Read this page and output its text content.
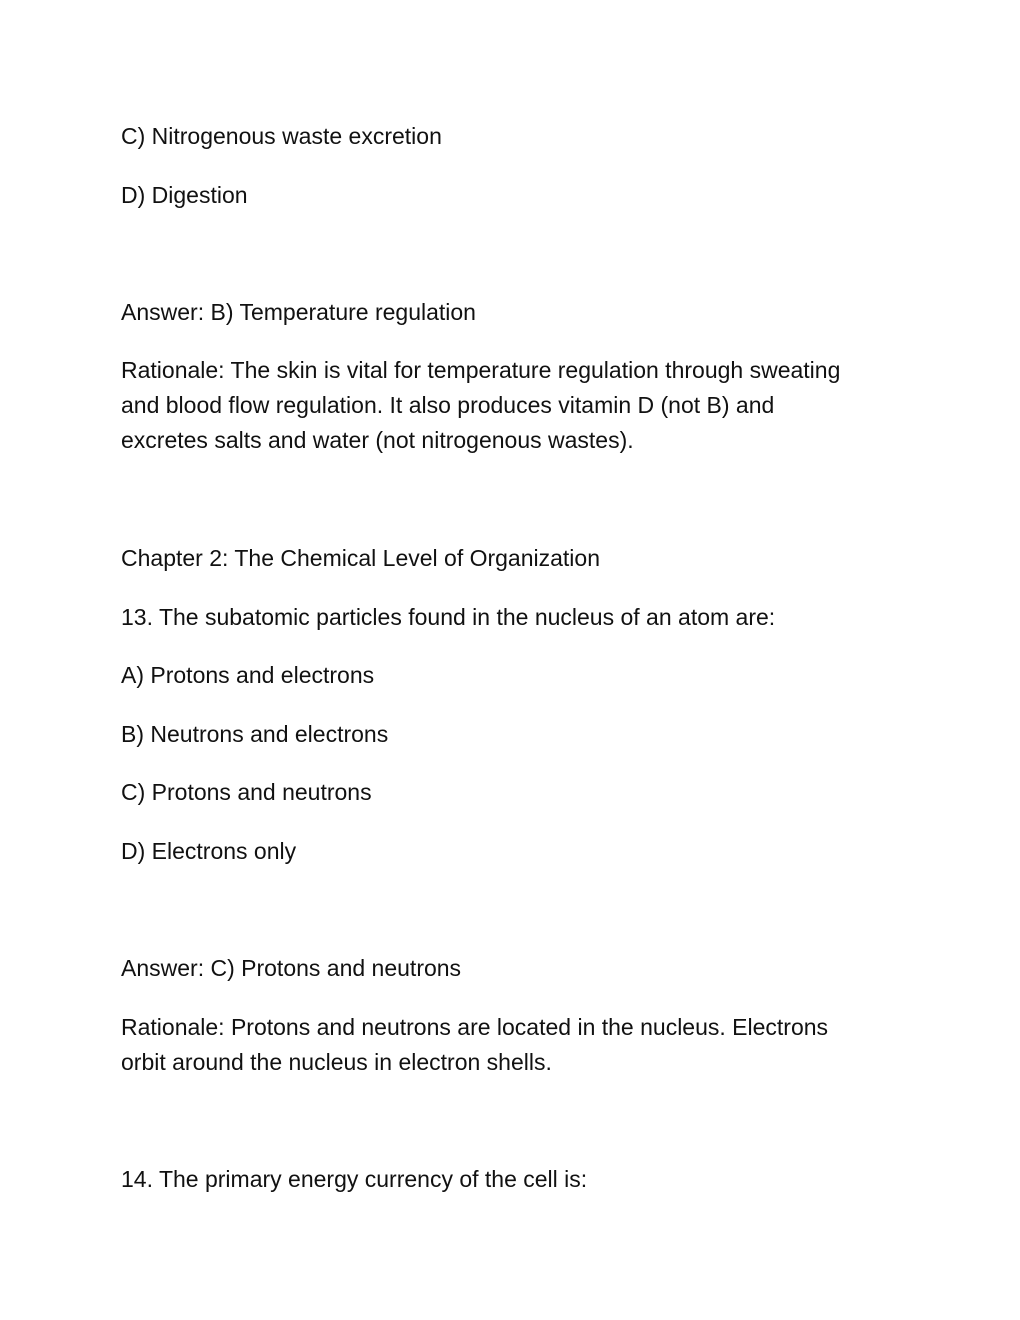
C) Nitrogenous waste excretion
D) Digestion
Answer: B) Temperature regulation
Rationale: The skin is vital for temperature regulation through sweating
and blood flow regulation. It also produces vitamin D (not B) and
excretes salts and water (not nitrogenous wastes).
Chapter 2: The Chemical Level of Organization
13. The subatomic particles found in the nucleus of an atom are:
A) Protons and electrons
B) Neutrons and electrons
C) Protons and neutrons
D) Electrons only
Answer: C) Protons and neutrons
Rationale: Protons and neutrons are located in the nucleus. Electrons
orbit around the nucleus in electron shells.
14. The primary energy currency of the cell is:
